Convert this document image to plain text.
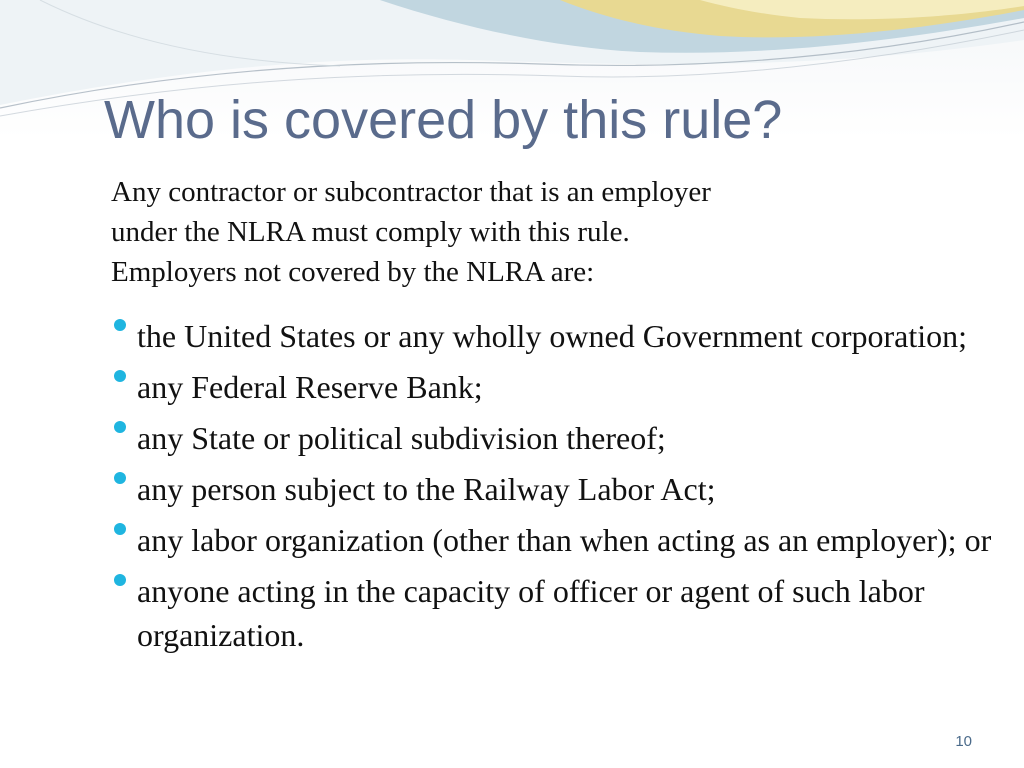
Who is covered by this rule?
Any contractor or subcontractor that is an employer
under the NLRA must comply with this rule.
Employers not covered by the NLRA are:
the United States or any wholly owned Government corporation;
any Federal Reserve Bank;
any State or political subdivision thereof;
any person subject to the Railway Labor Act;
any labor organization (other than when acting as an employer); or
anyone acting in the capacity of officer or agent of such labor organization.
10
